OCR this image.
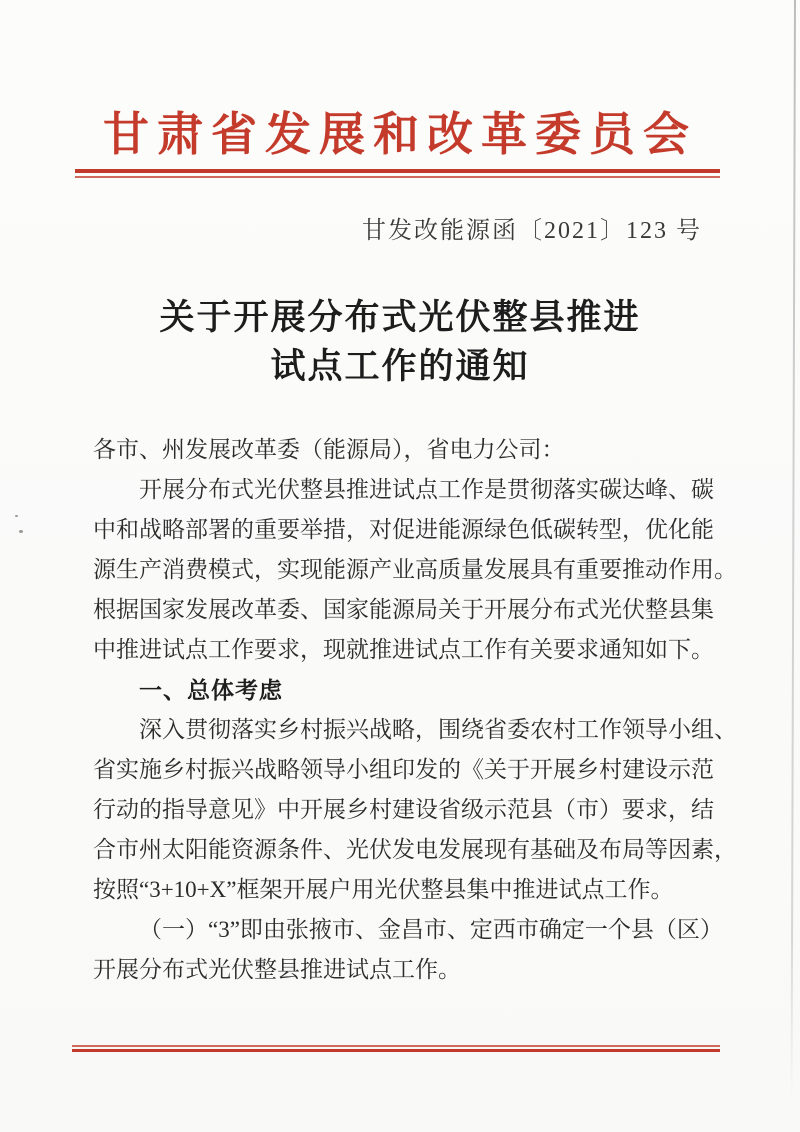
甘肃省发展和改革委员会
甘发改能源函〔2021〕123 号
关于开展分布式光伏整县推进
试点工作的通知
各市、州发展改革委（能源局），省电力公司：
开展分布式光伏整县推进试点工作是贯彻落实碳达峰、碳
中和战略部署的重要举措，对促进能源绿色低碳转型，优化能
源生产消费模式，实现能源产业高质量发展具有重要推动作用。
根据国家发展改革委、国家能源局关于开展分布式光伏整县集
中推进试点工作要求，现就推进试点工作有关要求通知如下。
一、总体考虑
深入贯彻落实乡村振兴战略，围绕省委农村工作领导小组、
省实施乡村振兴战略领导小组印发的《关于开展乡村建设示范
行动的指导意见》中开展乡村建设省级示范县（市）要求，结
合市州太阳能资源条件、光伏发电发展现有基础及布局等因素，
按照“3+10+X”框架开展户用光伏整县集中推进试点工作。
（一）“3”即由张掖市、金昌市、定西市确定一个县（区）
开展分布式光伏整县推进试点工作。
